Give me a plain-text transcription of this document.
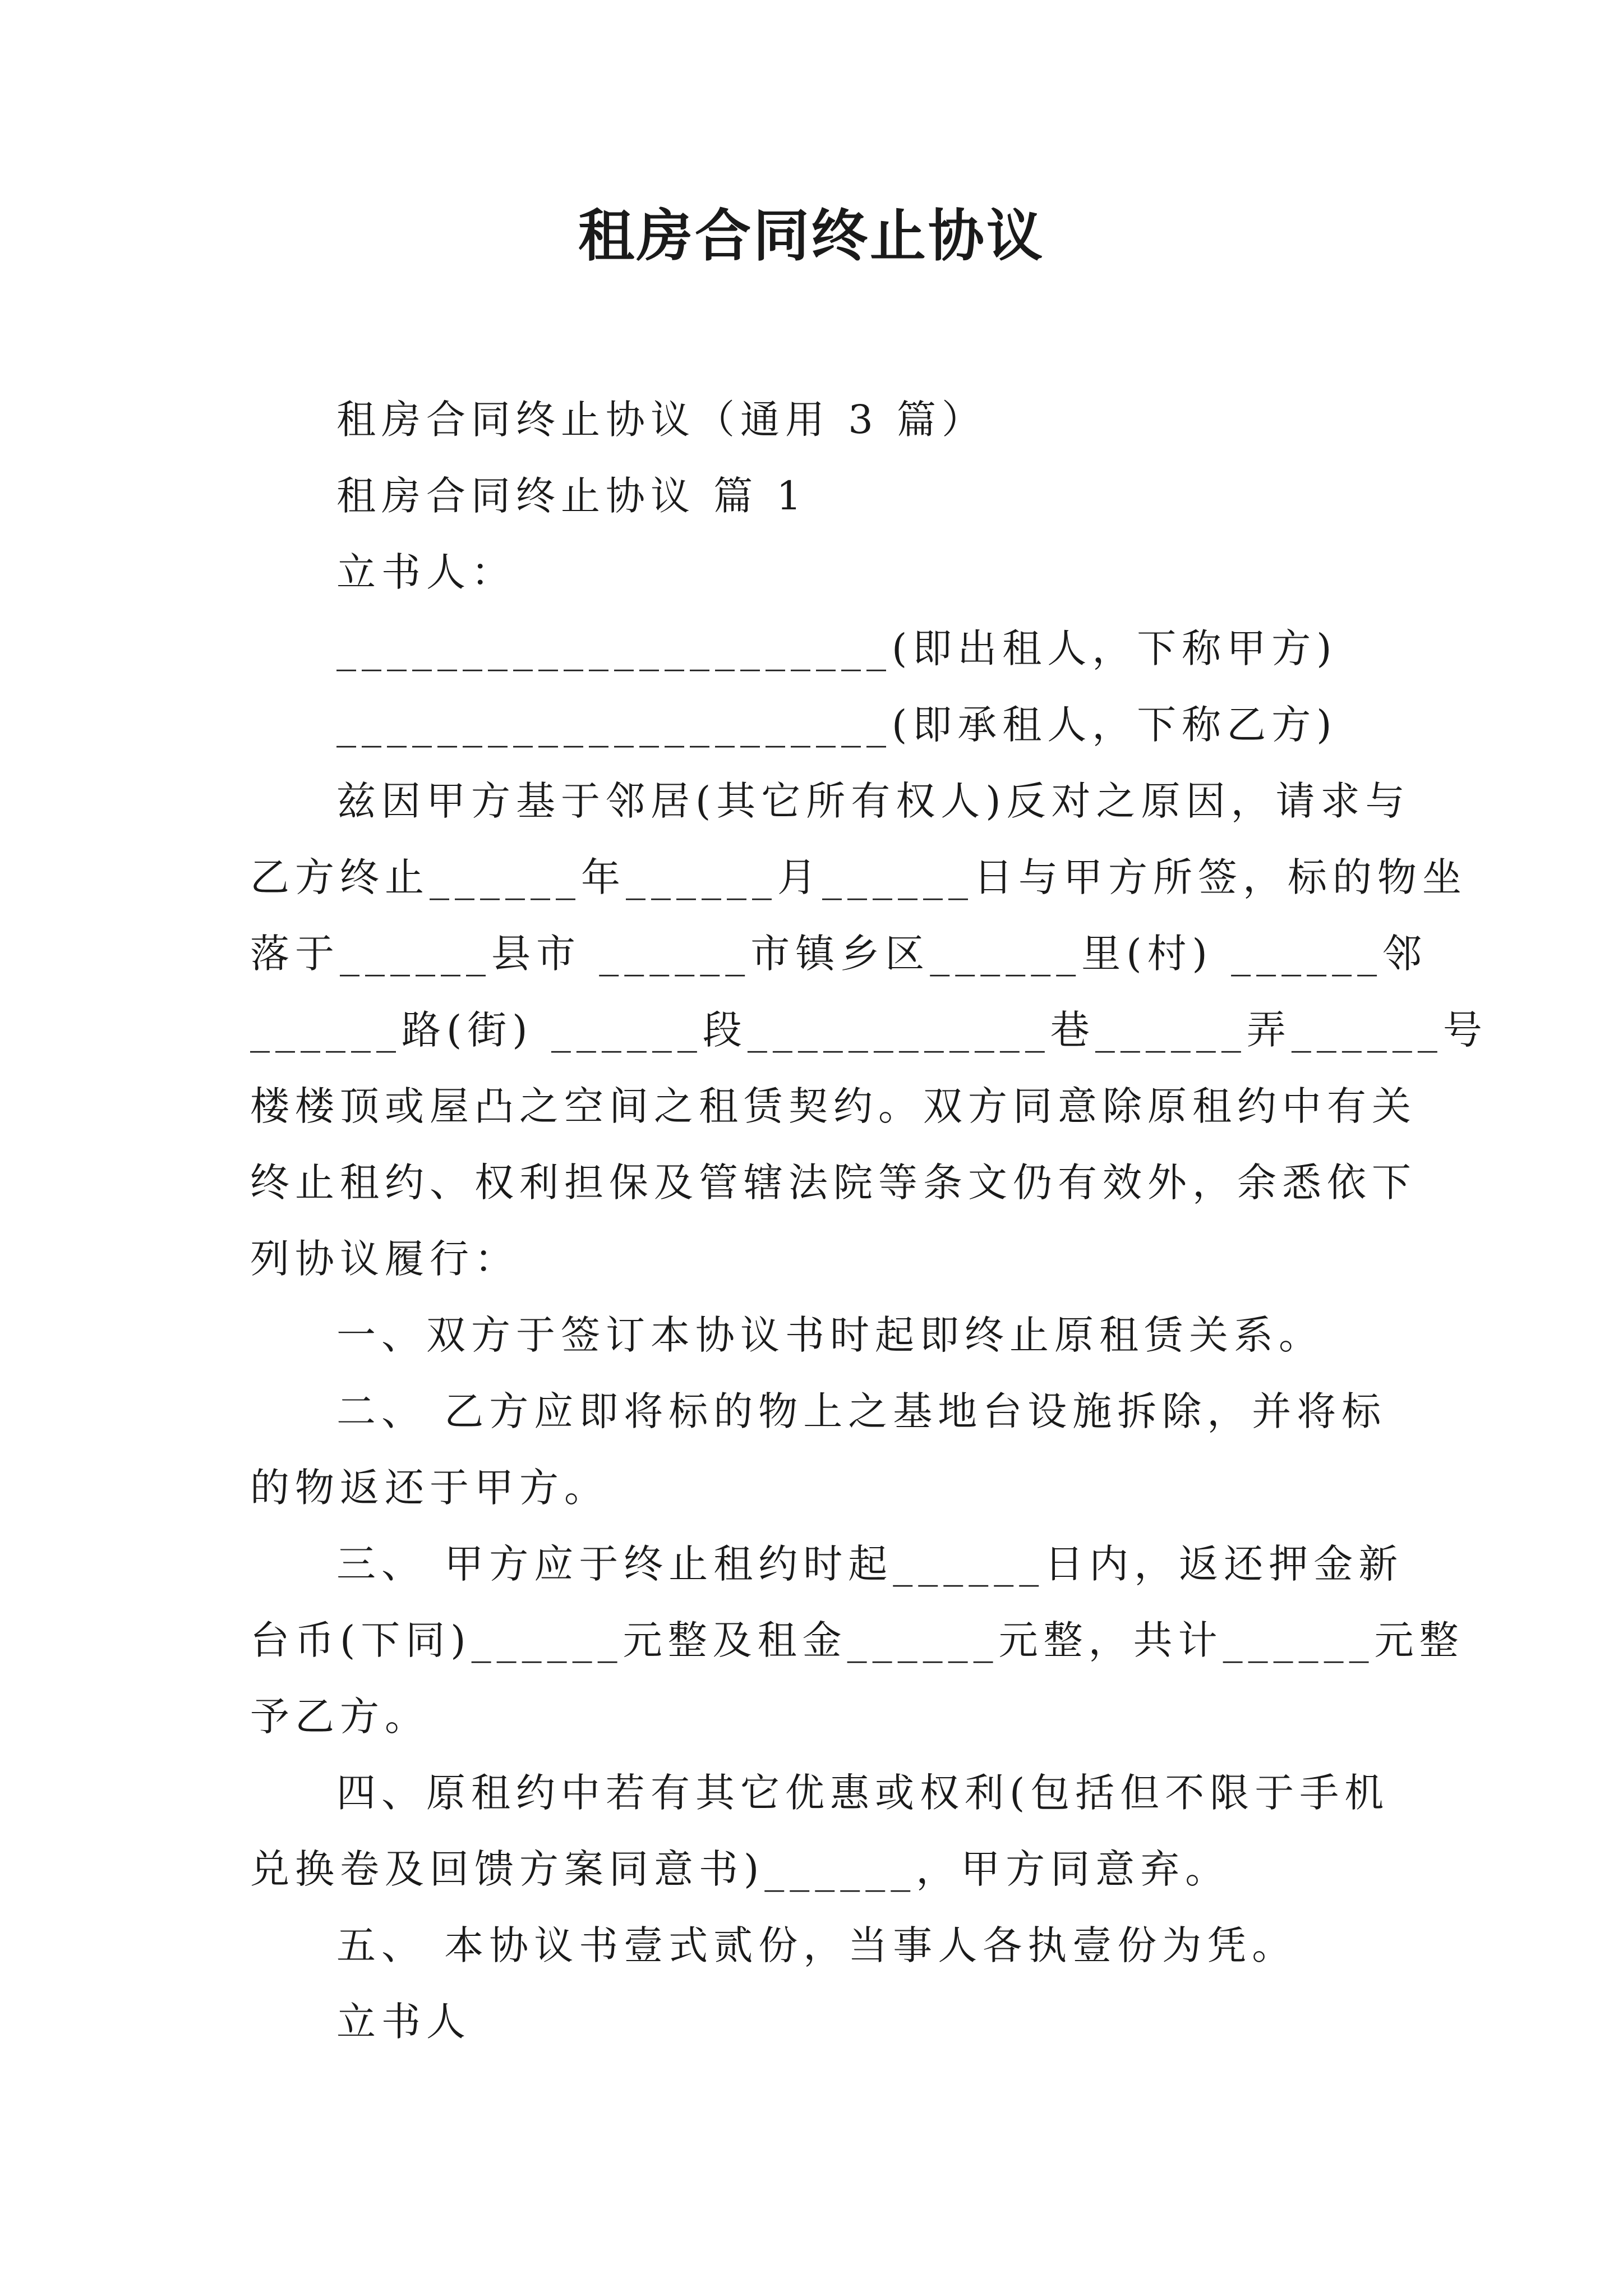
租房合同终止协议
租房合同终止协议（通用 3 篇）
租房合同终止协议 篇 1
立书人：
______________________(即出租人，下称甲方)
______________________(即承租人，下称乙方)
兹因甲方基于邻居(其它所有权人)反对之原因，请求与
乙方终止______年______月______日与甲方所签，标的物坐
落于______县市 ______市镇乡区______里(村) ______邻
______路(街) ______段____________巷______弄______号
楼楼顶或屋凸之空间之租赁契约。双方同意除原租约中有关
终止租约、权利担保及管辖法院等条文仍有效外，余悉依下
列协议履行：
一、双方于签订本协议书时起即终止原租赁关系。
二、 乙方应即将标的物上之基地台设施拆除，并将标
的物返还于甲方。
三、 甲方应于终止租约时起______日内，返还押金新
台币(下同)______元整及租金______元整，共计______元整
予乙方。
四、原租约中若有其它优惠或权利(包括但不限于手机
兑换卷及回馈方案同意书)______，甲方同意弃。
五、 本协议书壹式贰份，当事人各执壹份为凭。
立书人
